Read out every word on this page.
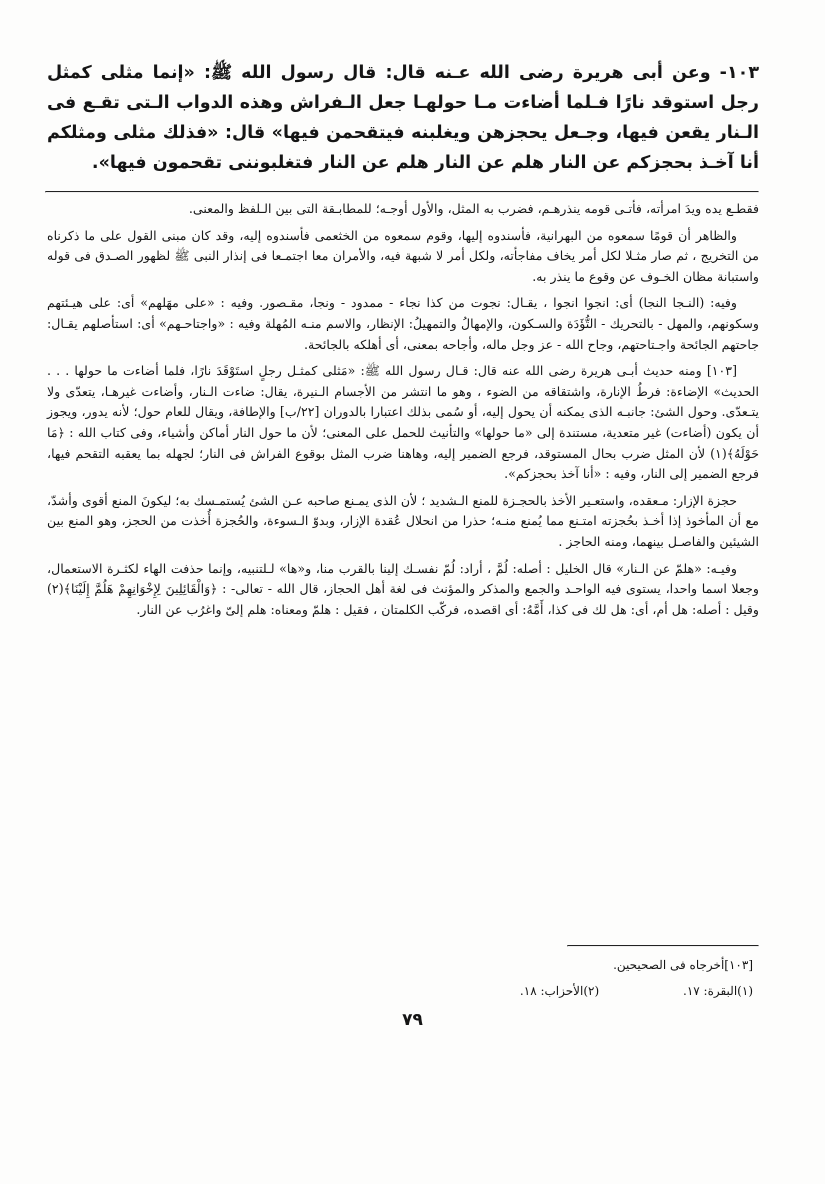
١٠٣- وعن أبى هريرة رضى الله عـنه قال: قال رسول الله ﷺ: «إنما مثلى كمثل رجل استوقد نارًا فـلما أضاءت مـا حولهـا جعل الـفراش وهذه الدواب الـتى تقـع فى الـنار يقعن فيها، وجـعل يحجزهن ويغلبنه فيتقحمن فيها» قال: «فذلك مثلى ومثلكم أنا آخـذ بحجزكم عن النار هلم عن النار هلم عن النار فتغلبوننى تقحمون فيها».

فقطـع يده ويدَ امرأته، فأتـى قومه ينذرهـم، فضرب به المثل، والأول أوجـه؛ للمطابـقة التى بين الـلفظ والمعنى.

والظاهر أن قومًا سمعوه من البهرانية، فأسندوه إليها، وقوم سمعوه من الخثعمى فأسندوه إليه، وقد كان مبنى القول على ما ذكرناه من التخريج ، ثم صار مثـلا لكل أمر يخاف مفاجأته، ولكل أمر لا شبهة فيه، والأمران معا اجتمـعا فى إنذار النبى ﷺ لظهور الصـدق فى قوله واستبانة مظان الخـوف عن وقوع ما ينذر به.

وفيه: (النـجا النجا) أى: انجوا انجوا ، يقـال: نجوت من كذا نجاء - ممدود - ونجا، مقـصور. وفيه : «على مهَلهم» أى: على هيـئتهم وسكونهم، والمهل - بالتحريك - التُّؤَدَة والسـكون، والإمهالُ والتمهيلُ: الإنظار، والاسم منـه المُهلة وفيه : «واجتاحـهم» أى: استأصلهم يقـال: جاحتهم الجائحة واجـتاحتهم، وجاح الله - عز وجل ماله، وأجاحه بمعنى، أى أهلكه بالجائحة.

[١٠٣] ومنه حديث أبـى هريرة رضى الله عنه قال: قـال رسول الله ﷺ: «مَثلى كمثـل رجلٍ استَوْقَدَ نارًا، فلما أضاءت ما حولها . . . الحديث» الإضاءة: فرطُ الإنارة، واشتقاقه من الضوء ، وهو ما انتشر من الأجسام الـنيرة، يقال: ضاءت الـنار، وأضاءت غيرهـا، يتعدّى ولا يتـعدّى. وحول الشئ: جانبـه الذى يمكنه أن يحول إليه، أو سُمى بذلك اعتبارا بالدوران [٢٢/ب] والإطافة، ويقال للعام حول؛ لأنه يدور، ويجوز أن يكون (أضاءت) غير متعدية، مستندة إلى «ما حولها» والتأنيث للحمل على المعنى؛ لأن ما حول النار أماكن وأشياء، وفى كتاب الله : ﴿مَا حَوْلَهُ﴾(١) لأن المثل ضرب بحال المستوقد، فرجع الضمير إليه، وهاهنا ضرب المثل بوقوع الفراش فى النار؛ لجهله بما يعقبه التقحم فيها، فرجع الضمير إلى النار، وفيه : «أنا آخذ بحجزكم».

حجزة الإزار: مـعقده، واستعـير الأخذ بالحجـزة للمنع الـشديد ؛ لأن الذى يمـنع صاحبه عـن الشئ يُستمـسك به؛ ليكونَ المنع أقوى وأشدّ، مع أن المأخوذ إذا أخـذ بحُجزته امتـنع مما يُمنع منـه؛ حذرا من انحلال عُقدة الإزار، وبدوّ الـسوءة، والحُجزة أُخذت من الحجز، وهو المنع بين الشيئين والفاصـل بينهما، ومنه الحاجز .

وفيـه: «هلمّ عن الـنار» قال الخليل : أصله: لُمَّ ، أراد: لُمّ نفسـك إلينا بالقرب منا، و«ها» لـلتنبيه، وإنما حذفت الهاء لكثـرة الاستعمال، وجعلا اسما واحدا، يستوى فيه الواحـد والجمع والمذكر والمؤنث فى لغة أهل الحجاز، قال الله - تعالى- : ﴿وَالْقَائِلِينَ لِإِخْوَانِهِمْ هَلُمَّ إِلَيْنَا﴾(٢) وقيل : أصله: هل أم، أى: هل لك فى كذا، أَمَّهُ: أى اقصده، فركّب الكلمتان ، فقيل : هلمّ ومعناه: هلم إلىّ واغرُب عن النار.

[١٠٣]أخرجاه فى الصحيحين.
(١)البقرة: ١٧. (٢)الأحزاب: ١٨.
٧٩
